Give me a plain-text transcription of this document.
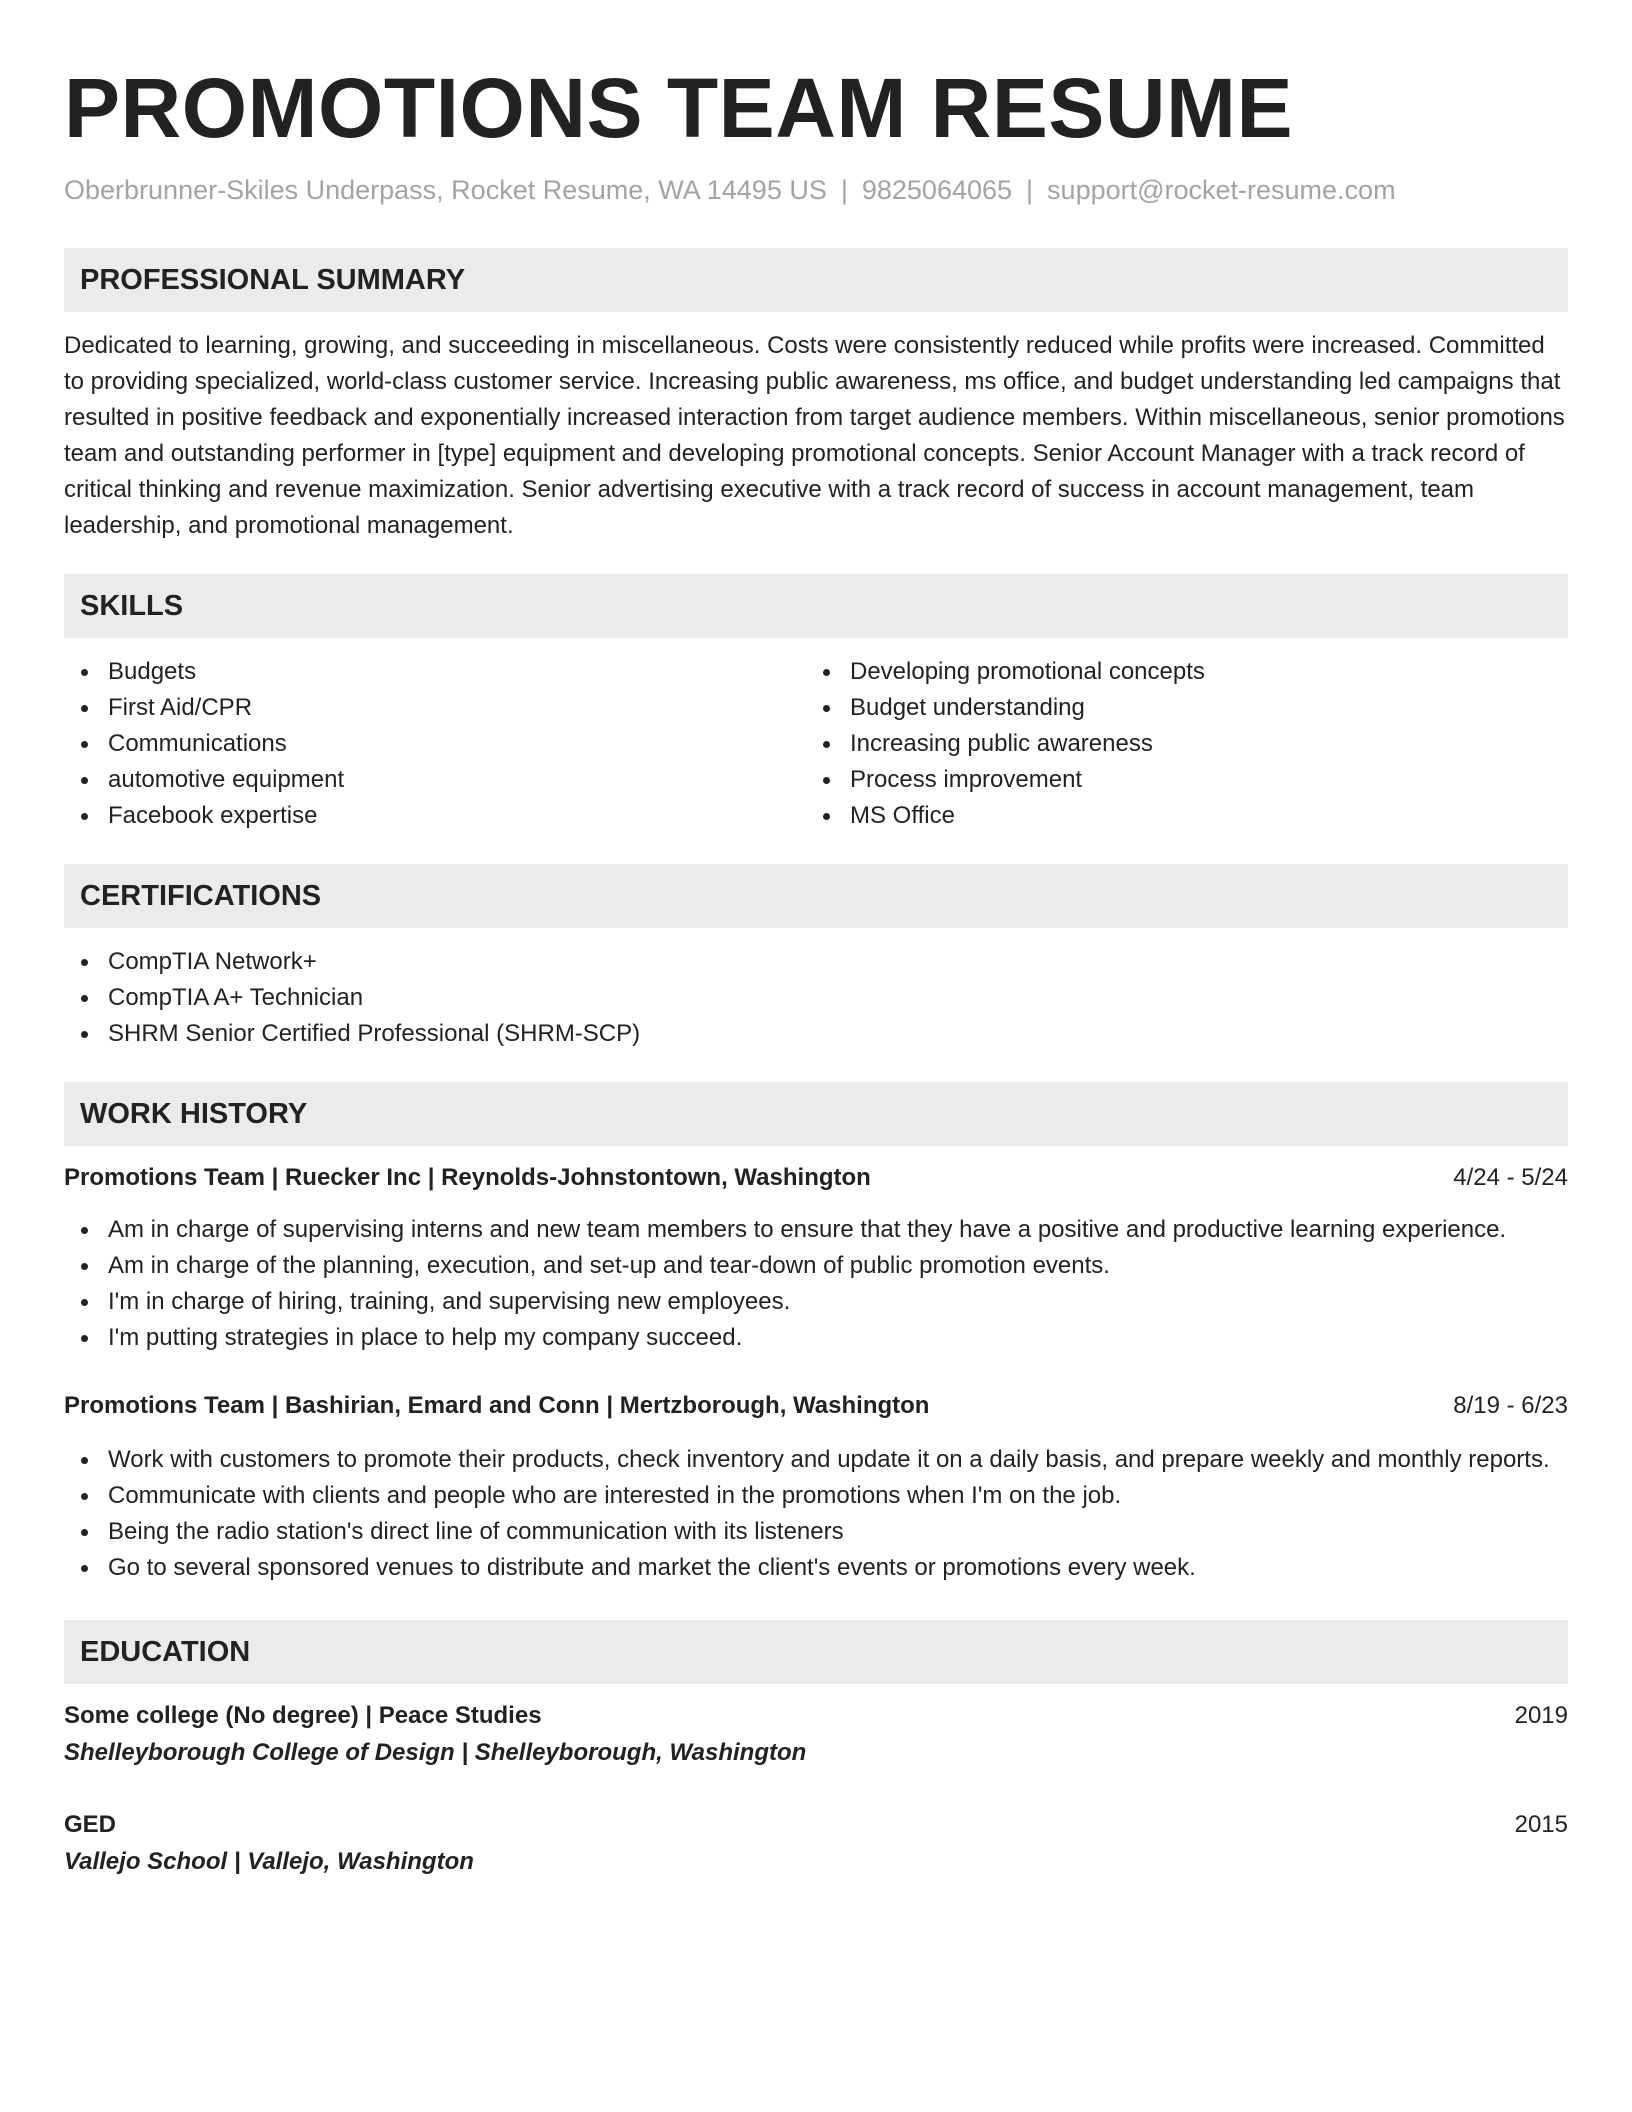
PROMOTIONS TEAM RESUME
Oberbrunner-Skiles Underpass, Rocket Resume, WA 14495 US | 9825064065 | support@rocket-resume.com
PROFESSIONAL SUMMARY

Dedicated to learning, growing, and succeeding in miscellaneous. Costs were consistently reduced while profits were increased. Committed to providing specialized, world-class customer service. Increasing public awareness, ms office, and budget understanding led campaigns that resulted in positive feedback and exponentially increased interaction from target audience members. Within miscellaneous, senior promotions team and outstanding performer in [type] equipment and developing promotional concepts. Senior Account Manager with a track record of critical thinking and revenue maximization. Senior advertising executive with a track record of success in account management, team leadership, and promotional management.

SKILLS
Budgets
First Aid/CPR
Communications
automotive equipment
Facebook expertise
Developing promotional concepts
Budget understanding
Increasing public awareness
Process improvement
MS Office
CERTIFICATIONS
CompTIA Network+
CompTIA A+ Technician
SHRM Senior Certified Professional (SHRM-SCP)
WORK HISTORY
Promotions Team | Ruecker Inc | Reynolds-Johnstontown, Washington	4/24 - 5/24
Am in charge of supervising interns and new team members to ensure that they have a positive and productive learning experience.
Am in charge of the planning, execution, and set-up and tear-down of public promotion events.
I'm in charge of hiring, training, and supervising new employees.
I'm putting strategies in place to help my company succeed.
Promotions Team | Bashirian, Emard and Conn | Mertzborough, Washington	8/19 - 6/23
Work with customers to promote their products, check inventory and update it on a daily basis, and prepare weekly and monthly reports.
Communicate with clients and people who are interested in the promotions when I'm on the job.
Being the radio station's direct line of communication with its listeners
Go to several sponsored venues to distribute and market the client's events or promotions every week.
EDUCATION
Some college (No degree) | Peace Studies	2019
Shelleyborough College of Design | Shelleyborough, Washington
GED	2015
Vallejo School | Vallejo, Washington
